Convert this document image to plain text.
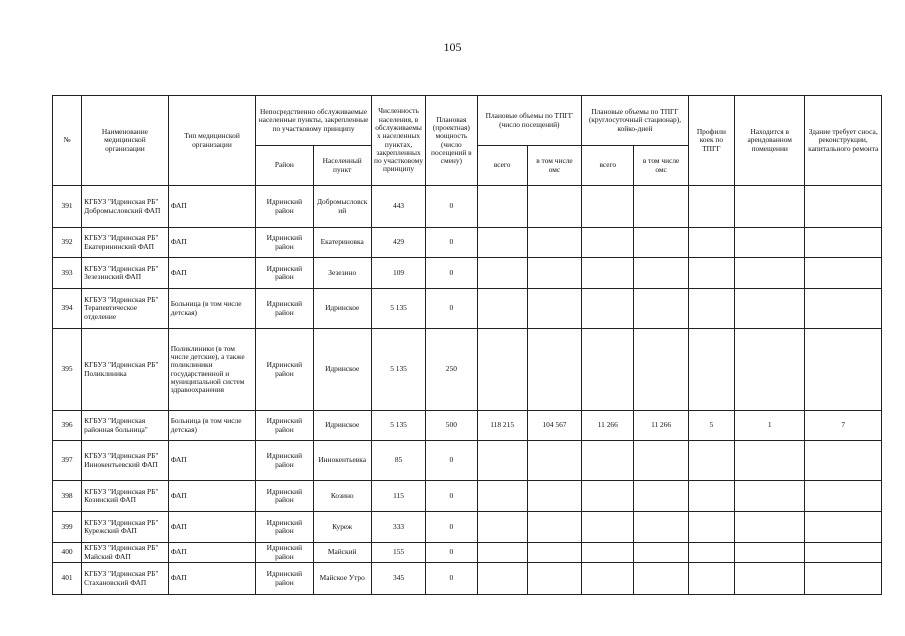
105
№	Наименование медицинской организации	Тип медицинской организации	Непосредственно обслуживаемые населенные пункты, закрепленные по участковому принципу		Численность населения, в обслуживаемых населенных пунктах, закрепленных по участковому принципу	Плановая (проектная) мощность (число посещений в смену)	Плановые объемы по ТПГГ (число посещений)		Плановые объемы по ТПГГ (круглосуточный стационар), койко-дней		Профили коек по ТПГГ	Находится в арендованном помещении	Здание требует сноса, реконструкции, капитального ремонта
			Район	Населенный пункт			всего	в том числе омс	всего	в том числе омс			
391	КГБУЗ "Идринская РБ" Добромысловский ФАП	ФАП	Идринский район	Добромысловский	443	0							
392	КГБУЗ "Идринская РБ" Екатерининский ФАП	ФАП	Идринский район	Екатериновка	429	0							
393	КГБУЗ "Идринская РБ" Зезезинский ФАП	ФАП	Идринский район	Зезезино	109	0							
394	КГБУЗ "Идринская РБ" Терапевтическое отделение	Больница (в том числе детская)	Идринский район	Идринское	5 135	0							
395	КГБУЗ "Идринская РБ" Поликлиника	Поликлиники (в том числе детские), а также поликлиники государственной и муниципальной систем здравоохранения	Идринский район	Идринское	5 135	250							
396	КГБУЗ "Идринская районная больница"	Больница (в том числе детская)	Идринский район	Идринское	5 135	500	118 215	104 567	11 266	11 266	5	1	7
397	КГБУЗ "Идринская РБ" Иннокентьевский ФАП	ФАП	Идринский район	Иннокентьевка	85	0							
398	КГБУЗ "Идринская РБ" Козинский ФАП	ФАП	Идринский район	Козино	115	0							
399	КГБУЗ "Идринская РБ" Курежский ФАП	ФАП	Идринский район	Куреж	333	0							
400	КГБУЗ "Идринская РБ" Майский ФАП	ФАП	Идринский район	Майский	155	0							
401	КГБУЗ "Идринская РБ" Стахановский ФАП	ФАП	Идринский район	Майское Утро	345	0							
